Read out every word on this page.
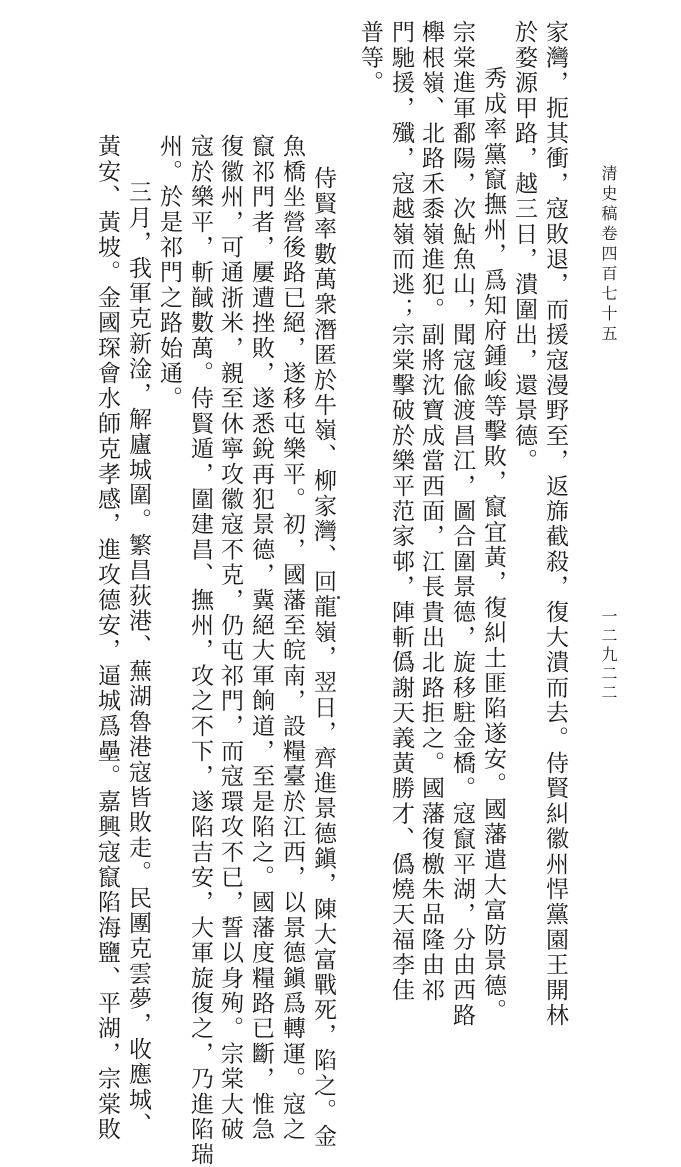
清史稿卷四百七十五
一二九二二
家灣，扼其衝，寇敗退，而援寇漫野至，返旆截殺，復大潰而去。侍賢糾徽州悍黨園王開林
於婺源甲路，越三日，潰圍出，還景德。
秀成率黨竄撫州，爲知府鍾峻等擊敗，竄宜黃，復糾土匪陷遂安。國藩遣大富防景德。
宗棠進軍鄱陽，次鮎魚山，聞寇偸渡昌江，圖合圍景德，旋移駐金橋。寇竄平湖，分由西路
櫸根嶺、北路禾黍嶺進犯。副將沈寶成當西面，江長貴出北路拒之。國藩復檄朱品隆由祁
門馳援，殲，寇越嶺而逃；宗棠擊破於樂平范家邨，陣斬僞謝天義黃勝才、僞燒天福李佳
普等。
侍賢率數萬衆潛匿於牛嶺、柳家灣、回龍嶺，翌日，齊進景德鎭，陳大富戰死，陷之。金
魚橋坐營後路已絕，遂移屯樂平。初，國藩至皖南，設糧臺於江西，以景德鎭爲轉運。寇之
竄祁門者，屢遭挫敗，遂悉銳再犯景德，冀絕大軍餉道，至是陷之。國藩度糧路已斷，惟急
復徽州，可通浙米，親至休寧攻徽寇不克，仍屯祁門，而寇環攻不已，誓以身殉。宗棠大破
寇於樂平，斬馘數萬。侍賢遁，圍建昌、撫州，攻之不下，遂陷吉安，大軍旋復之，乃進陷瑞
州。於是祁門之路始通。
三月，我軍克新淦，解廬城圍。繁昌荻港、蕪湖魯港寇皆敗走。民團克雲夢，收應城、
黃安、黃坡。金國琛會水師克孝感，進攻德安，逼城爲壘。嘉興寇竄陷海鹽、平湖，宗棠敗
